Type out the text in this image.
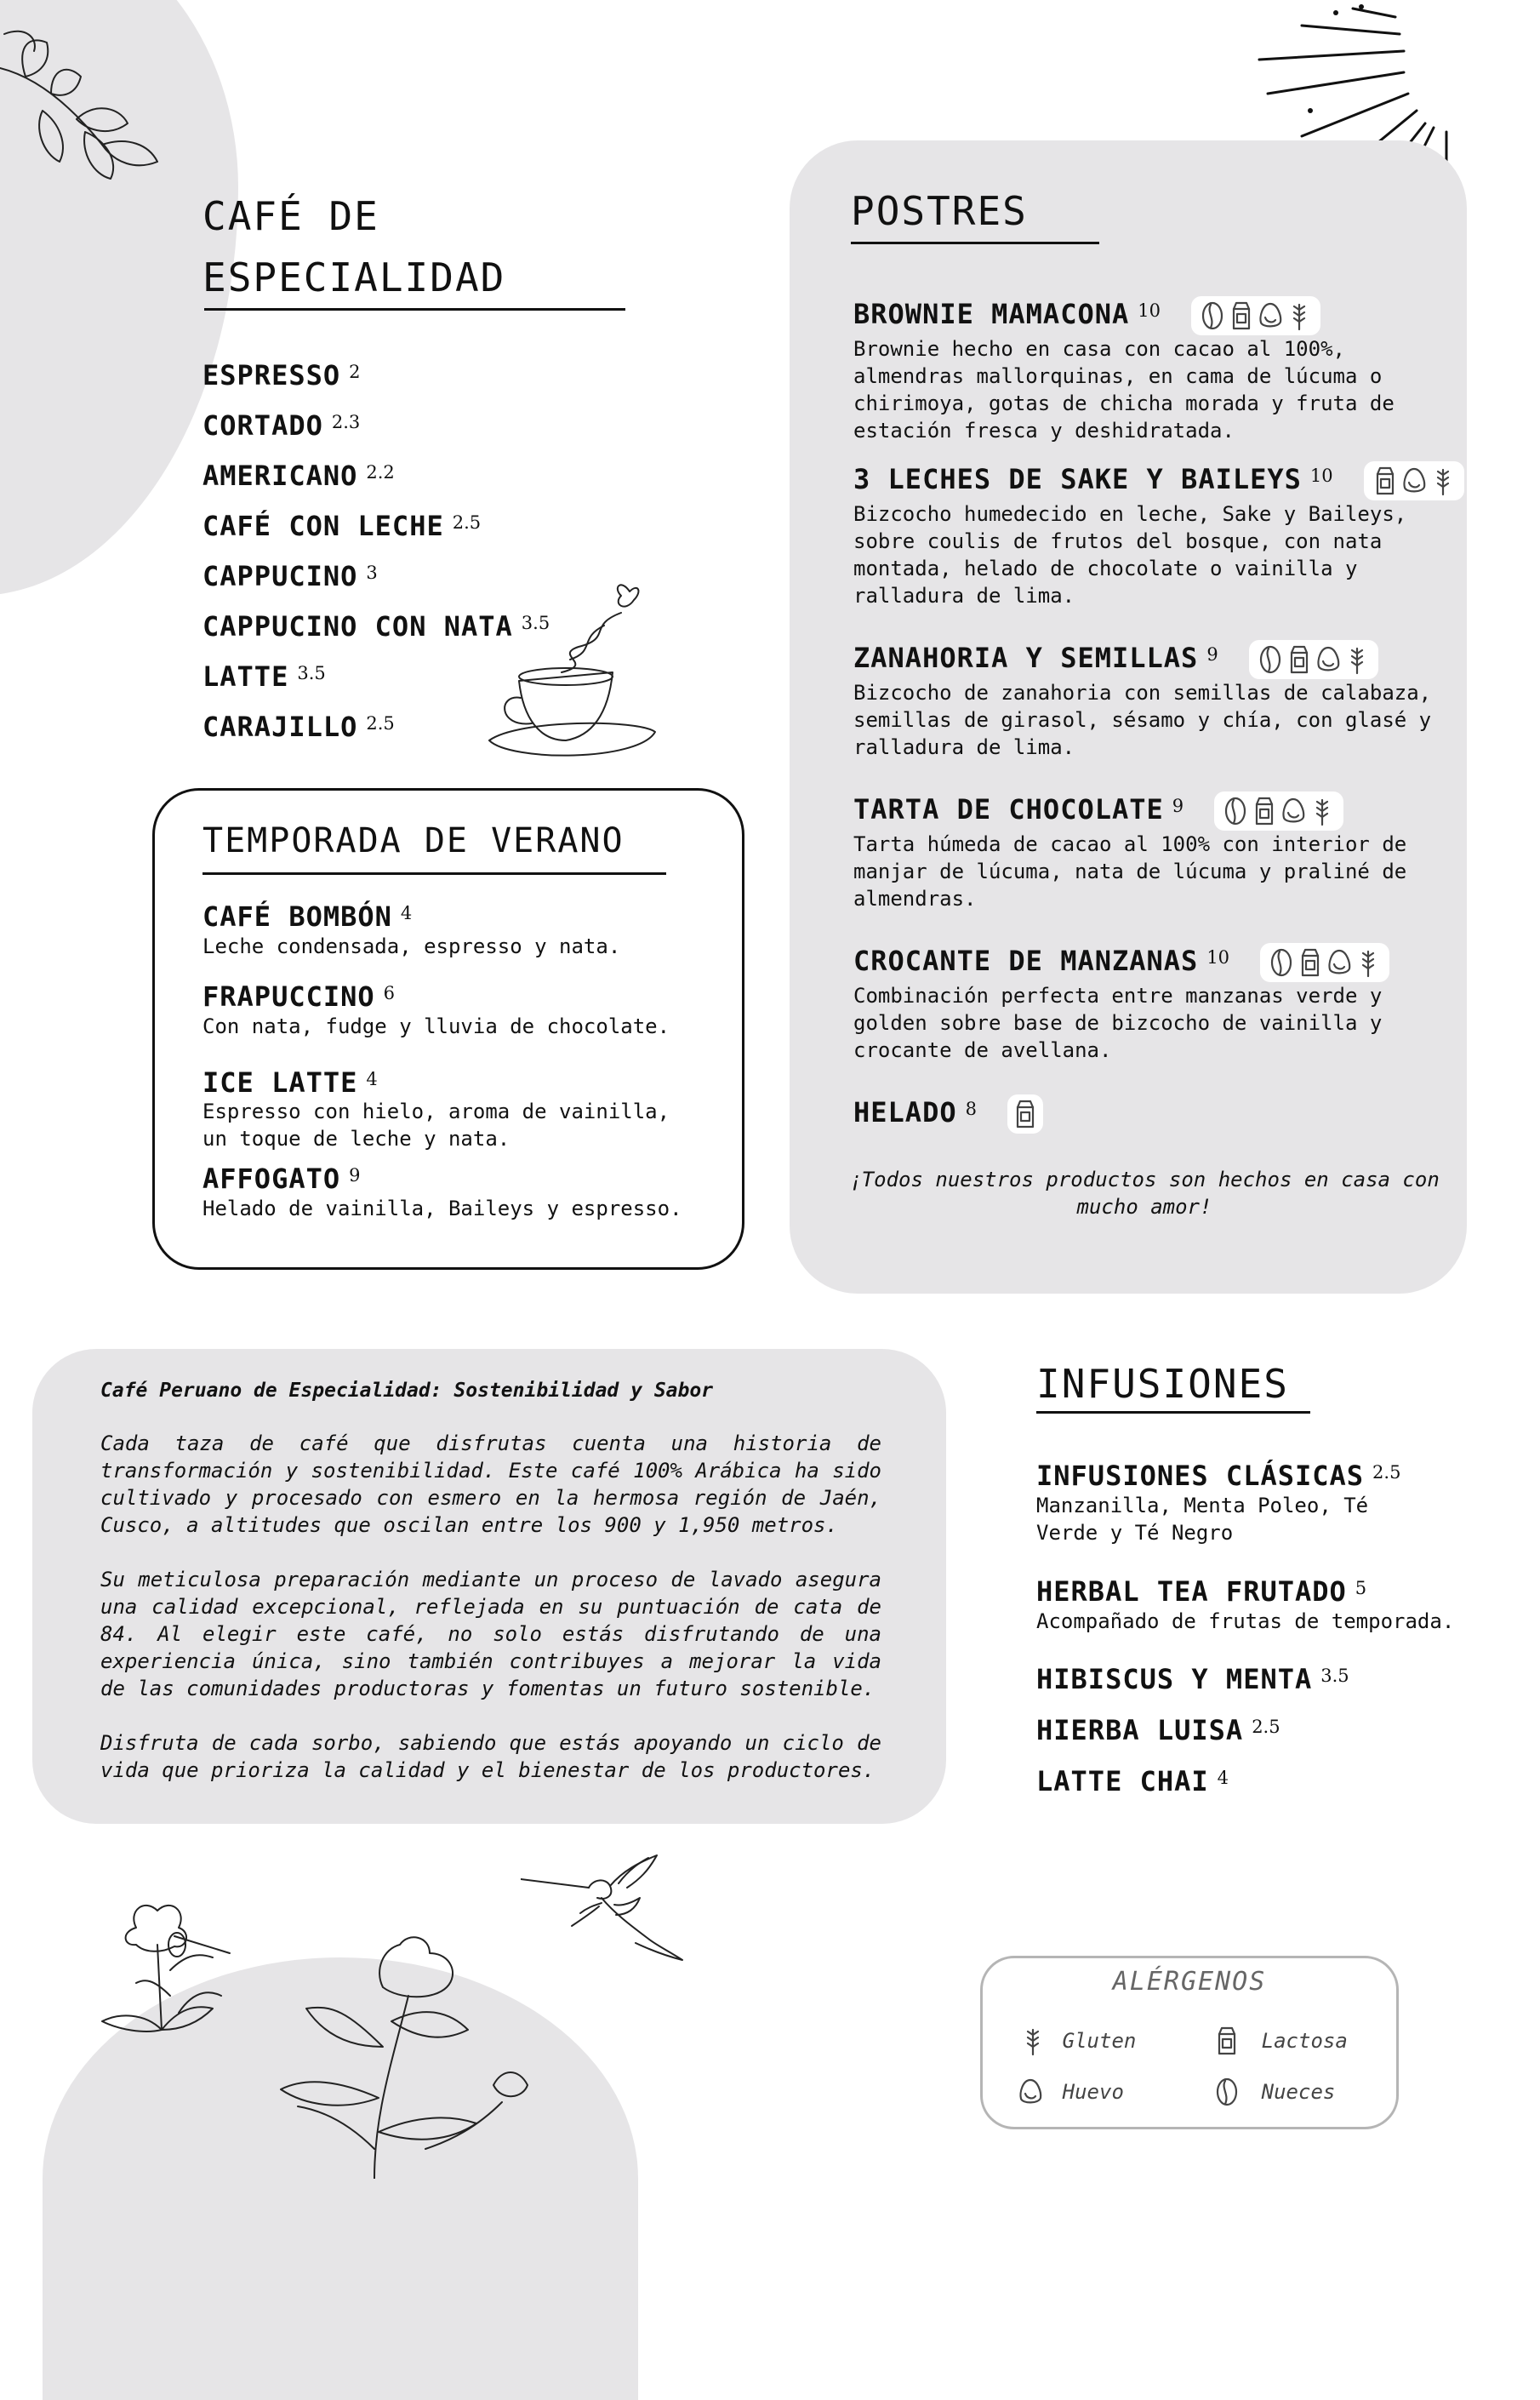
CAFÉ DE
ESPECIALIDAD
ESPRESSO $^2$
CORTADO $^{2.3}$
AMERICANO $^{2.2}$
CAFÉ CON LECHE $^{2.5}$
CAPPUCINO $^3$
CAPPUCINO CON NATA $^{3.5}$
LATTE $^{3.5}$
CARAJILLO $^{2.5}$
TEMPORADA DE VERANO
CAFÉ BOMBÓN $^4$
Leche condensada, espresso y nata.
FRAPUCCINO $^6$
Con nata, fudge y lluvia de chocolate.
ICE LATTE $^4$
Espresso con hielo, aroma de vainilla,
un toque de leche y nata.
AFFOGATO $^9$
Helado de vainilla, Baileys y espresso.
POSTRES
BROWNIE MAMACONA $^{10}$
Brownie hecho en casa con cacao al 100%,
almendras mallorquinas, en cama de lúcuma o
chirimoya, gotas de chicha morada y fruta de
estación fresca y deshidratada.
3 LECHES DE SAKE Y BAILEYS $^{10}$
Bizcocho humedecido en leche, Sake y Baileys,
sobre coulis de frutos del bosque, con nata
montada, helado de chocolate o vainilla y
ralladura de lima.
ZANAHORIA Y SEMILLAS $^9$
Bizcocho de zanahoria con semillas de calabaza,
semillas de girasol, sésamo y chía, con glasé y
ralladura de lima.
TARTA DE CHOCOLATE $^9$
Tarta húmeda de cacao al 100% con interior de
manjar de lúcuma, nata de lúcuma y praliné de
almendras.
CROCANTE DE MANZANAS $^{10}$
Combinación perfecta entre manzanas verde y
golden sobre base de bizcocho de vainilla y
crocante de avellana.
HELADO $^8$
¡Todos nuestros productos son hechos en casa con
mucho amor!
Café Peruano de Especialidad: Sostenibilidad y Sabor
Cada taza de café que disfrutas cuenta una historia de transformación y sostenibilidad. Este café 100% Arábica ha sido cultivado y procesado con esmero en la hermosa región de Jaén, Cusco, a altitudes que oscilan entre los 900 y 1,950 metros.
Su meticulosa preparación mediante un proceso de lavado asegura una calidad excepcional, reflejada en su puntuación de cata de 84. Al elegir este café, no solo estás disfrutando de una experiencia única, sino también contribuyes a mejorar la vida de las comunidades productoras y fomentas un futuro sostenible.
Disfruta de cada sorbo, sabiendo que estás apoyando un ciclo de vida que prioriza la calidad y el bienestar de los productores.
INFUSIONES
INFUSIONES CLÁSICAS $^{2.5}$
Manzanilla, Menta Poleo, Té
Verde y Té Negro
HERBAL TEA FRUTADO $^5$
Acompañado de frutas de temporada.
HIBISCUS Y MENTA $^{3.5}$
HIERBA LUISA $^{2.5}$
LATTE CHAI $^4$
ALÉRGENOS
Gluten	Lactosa
Huevo	Nueces
